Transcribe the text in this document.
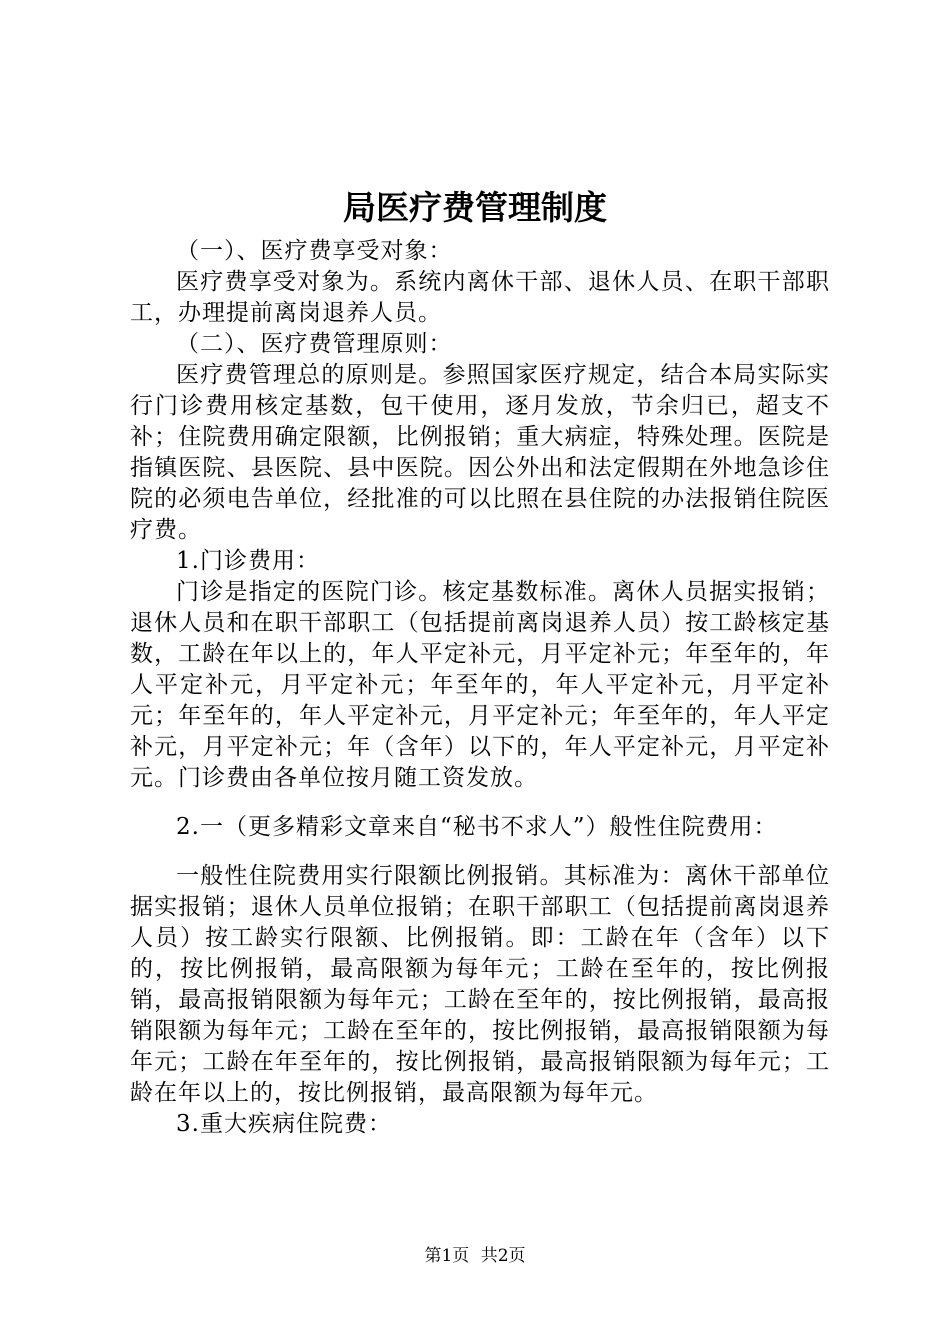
局医疗费管理制度

（一）、医疗费享受对象：

医疗费享受对象为。系统内离休干部、退休人员、在职干部职工，办理提前离岗退养人员。

（二）、医疗费管理原则：

医疗费管理总的原则是。参照国家医疗规定，结合本局实际实行门诊费用核定基数，包干使用，逐月发放，节余归已，超支不补；住院费用确定限额，比例报销；重大病症，特殊处理。医院是指镇医院、县医院、县中医院。因公外出和法定假期在外地急诊住院的必须电告单位，经批准的可以比照在县住院的办法报销住院医疗费。

1.门诊费用：

门诊是指定的医院门诊。核定基数标准。离休人员据实报销；退休人员和在职干部职工（包括提前离岗退养人员）按工龄核定基数，工龄在年以上的，年人平定补元，月平定补元；年至年的，年人平定补元，月平定补元；年至年的，年人平定补元，月平定补元；年至年的，年人平定补元，月平定补元；年至年的，年人平定补元，月平定补元；年（含年）以下的，年人平定补元，月平定补元。门诊费由各单位按月随工资发放。

2.一（更多精彩文章来自“秘书不求人”）般性住院费用：

一般性住院费用实行限额比例报销。其标准为：离休干部单位据实报销；退休人员单位报销；在职干部职工（包括提前离岗退养人员）按工龄实行限额、比例报销。即：工龄在年（含年）以下的，按比例报销，最高限额为每年元；工龄在至年的，按比例报销，最高报销限额为每年元；工龄在至年的，按比例报销，最高报销限额为每年元；工龄在至年的，按比例报销，最高报销限额为每年元；工龄在年至年的，按比例报销，最高报销限额为每年元；工龄在年以上的，按比例报销，最高限额为每年元。

3.重大疾病住院费：

第1页 共2页
